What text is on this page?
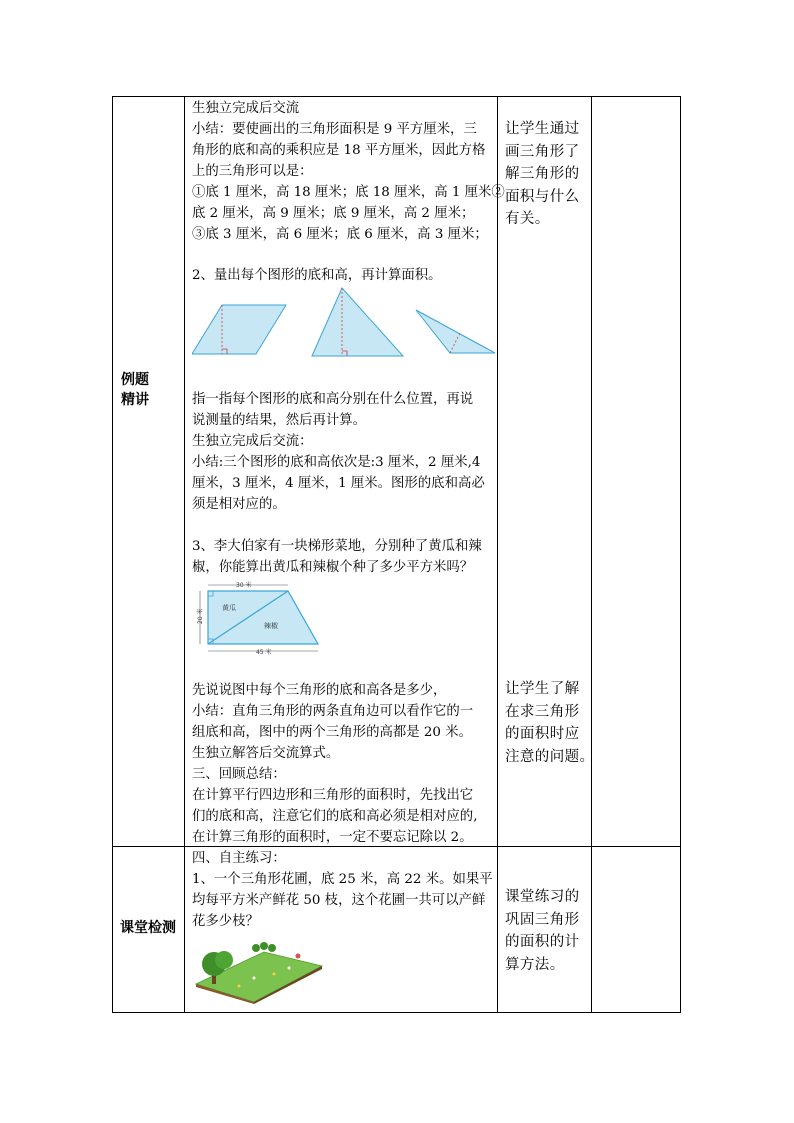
例题
精讲
课堂检测
生独立完成后交流
小结：要使画出的三角形面积是 9 平方厘米，三
角形的底和高的乘积应是 18 平方厘米，因此方格
上的三角形可以是：
①底 1 厘米，高 18 厘米；底 18 厘米，高 1 厘米②
底 2 厘米，高 9 厘米；底 9 厘米，高 2 厘米；
③底 3 厘米，高 6 厘米；底 6 厘米，高 3 厘米；
2、量出每个图形的底和高，再计算面积。
指一指每个图形的底和高分别在什么位置，再说
说测量的结果，然后再计算。
生独立完成后交流：
小结:三个图形的底和高依次是:3 厘米，2 厘米,4
厘米，3 厘米，4 厘米，1 厘米。图形的底和高必
须是相对应的。
3、李大伯家有一块梯形菜地，分别种了黄瓜和辣
椒，你能算出黄瓜和辣椒个种了多少平方米吗？
30 米
20 米
45 米
黄瓜
辣椒
先说说图中每个三角形的底和高各是多少，
小结：直角三角形的两条直角边可以看作它的一
组底和高，图中的两个三角形的高都是 20 米。
生独立解答后交流算式。
三、回顾总结：
在计算平行四边形和三角形的面积时，先找出它
们的底和高，注意它们的底和高必须是相对应的,
在计算三角形的面积时，一定不要忘记除以 2。
四、自主练习：
1、一个三角形花圃，底 25 米，高 22 米。如果平
均每平方米产鲜花 50 枝，这个花圃一共可以产鲜
花多少枝？
让学生通过
画三角形了
解三角形的
面积与什么
有关。
让学生了解
在求三角形
的面积时应
注意的问题。
课堂练习的
巩固三角形
的面积的计
算方法。
